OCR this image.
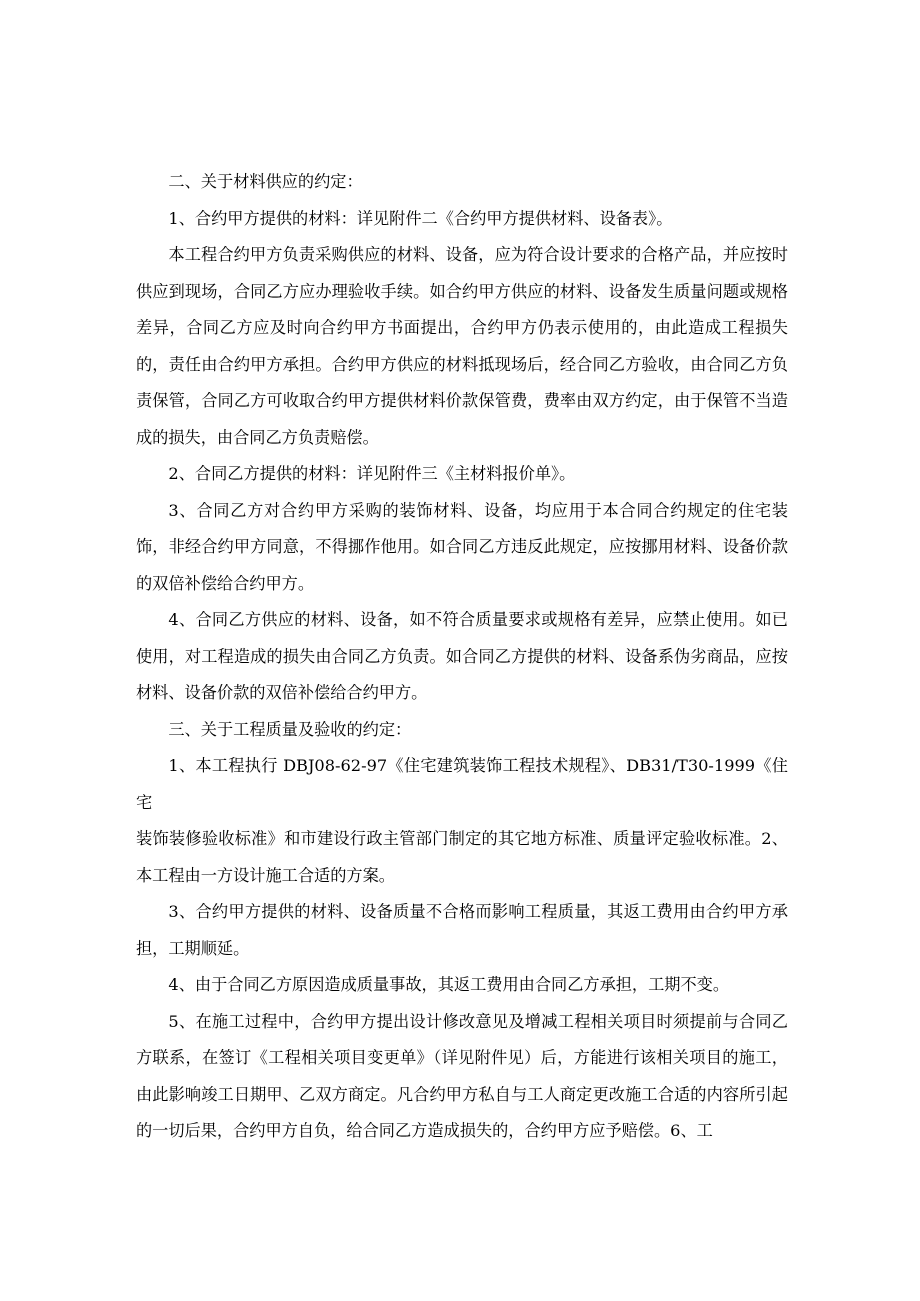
二、关于材料供应的约定：

1、合约甲方提供的材料：详见附件二《合约甲方提供材料、设备表》。

本工程合约甲方负责采购供应的材料、设备，应为符合设计要求的合格产品，并应按时供应到现场，合同乙方应办理验收手续。如合约甲方供应的材料、设备发生质量问题或规格差异，合同乙方应及时向合约甲方书面提出，合约甲方仍表示使用的，由此造成工程损失的，责任由合约甲方承担。合约甲方供应的材料抵现场后，经合同乙方验收，由合同乙方负责保管，合同乙方可收取合约甲方提供材料价款保管费，费率由双方约定，由于保管不当造成的损失，由合同乙方负责赔偿。

2、合同乙方提供的材料：详见附件三《主材料报价单》。

3、合同乙方对合约甲方采购的装饰材料、设备，均应用于本合同合约规定的住宅装饰，非经合约甲方同意，不得挪作他用。如合同乙方违反此规定，应按挪用材料、设备价款的双倍补偿给合约甲方。

4、合同乙方供应的材料、设备，如不符合质量要求或规格有差异，应禁止使用。如已使用，对工程造成的损失由合同乙方负责。如合同乙方提供的材料、设备系伪劣商品，应按材料、设备价款的双倍补偿给合约甲方。

三、关于工程质量及验收的约定：

1、本工程执行 DBJ08-62-97《住宅建筑装饰工程技术规程》、DB31/T30-1999《住宅

装饰装修验收标准》和市建设行政主管部门制定的其它地方标准、质量评定验收标准。2、本工程由一方设计施工合适的方案。

3、合约甲方提供的材料、设备质量不合格而影响工程质量，其返工费用由合约甲方承担，工期顺延。

4、由于合同乙方原因造成质量事故，其返工费用由合同乙方承担，工期不变。

5、在施工过程中，合约甲方提出设计修改意见及增减工程相关项目时须提前与合同乙方联系，在签订《工程相关项目变更单》（详见附件见）后，方能进行该相关项目的施工，由此影响竣工日期甲、乙双方商定。凡合约甲方私自与工人商定更改施工合适的内容所引起的一切后果，合约甲方自负，给合同乙方造成损失的，合约甲方应予赔偿。6、工
